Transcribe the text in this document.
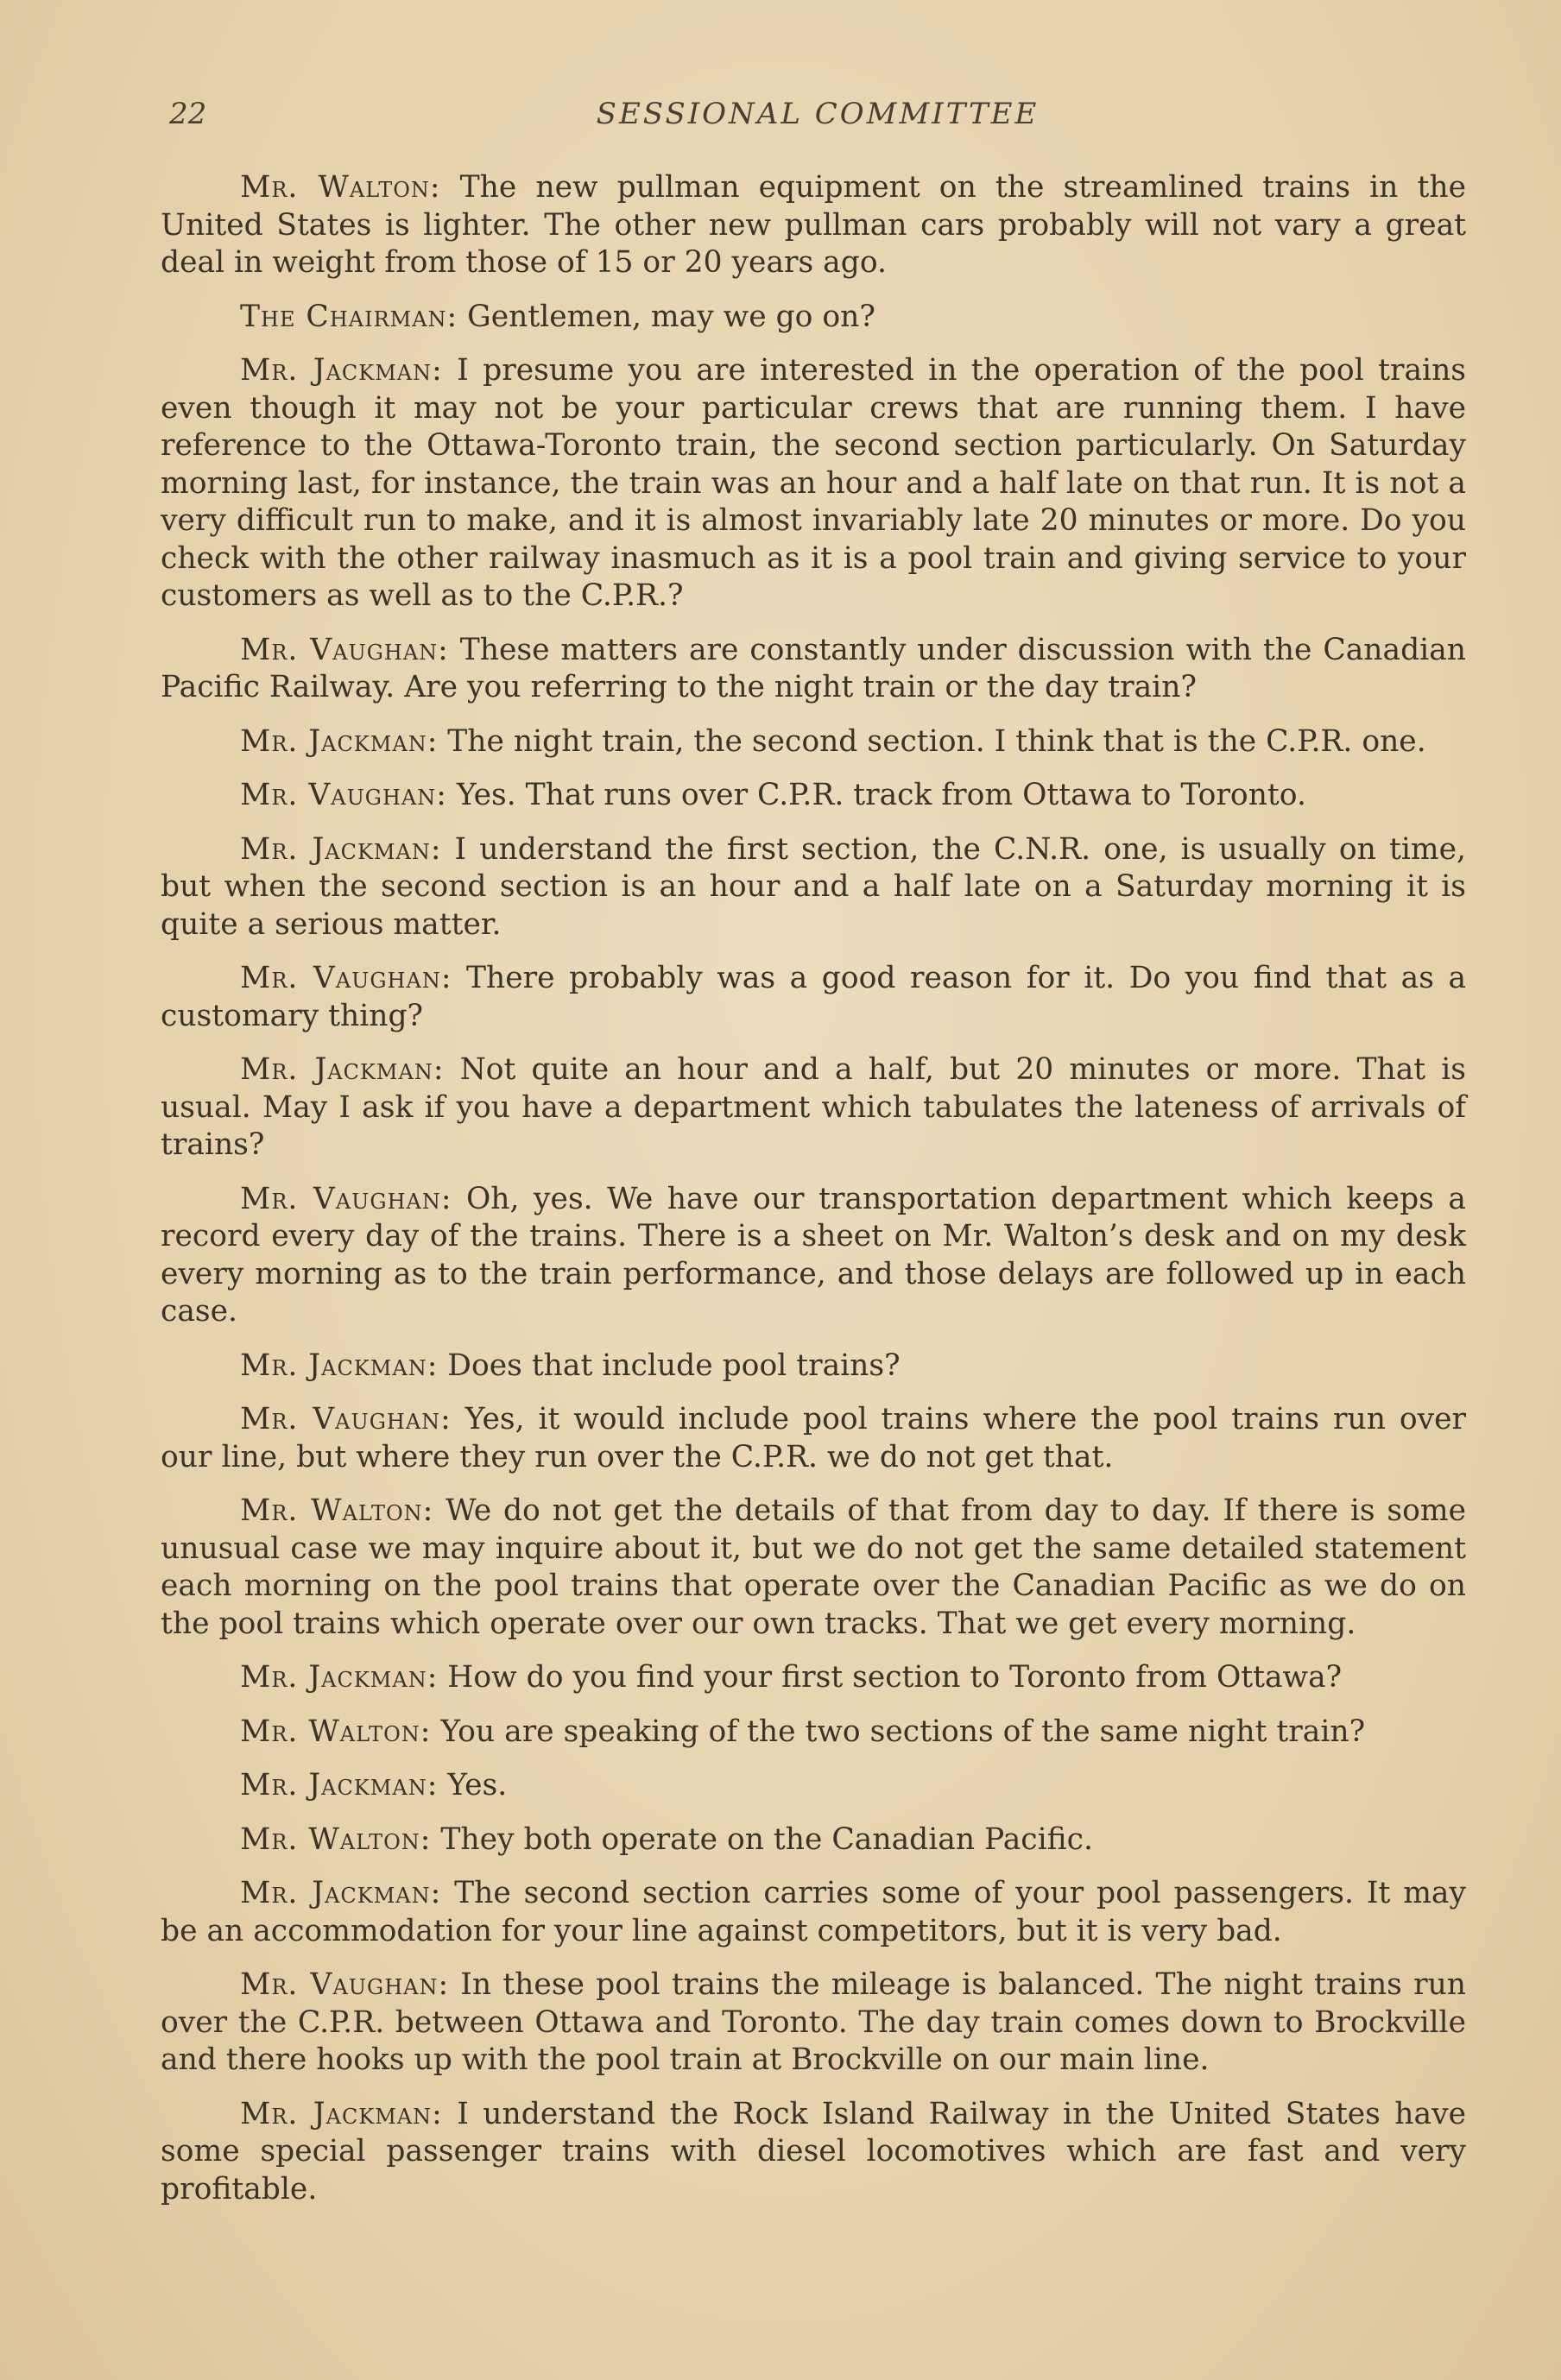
22	SESSIONAL COMMITTEE

Mr. Walton: The new pullman equipment on the streamlined trains in the United States is lighter. The other new pullman cars probably will not vary a great deal in weight from those of 15 or 20 years ago.

The Chairman: Gentlemen, may we go on?

Mr. Jackman: I presume you are interested in the operation of the pool trains even though it may not be your particular crews that are running them. I have reference to the Ottawa-Toronto train, the second section particularly. On Saturday morning last, for instance, the train was an hour and a half late on that run. It is not a very difficult run to make, and it is almost invariably late 20 minutes or more. Do you check with the other railway inasmuch as it is a pool train and giving service to your customers as well as to the C.P.R.?

Mr. Vaughan: These matters are constantly under discussion with the Canadian Pacific Railway. Are you referring to the night train or the day train?

Mr. Jackman: The night train, the second section. I think that is the C.P.R. one.

Mr. Vaughan: Yes. That runs over C.P.R. track from Ottawa to Toronto.

Mr. Jackman: I understand the first section, the C.N.R. one, is usually on time, but when the second section is an hour and a half late on a Saturday morning it is quite a serious matter.

Mr. Vaughan: There probably was a good reason for it. Do you find that as a customary thing?

Mr. Jackman: Not quite an hour and a half, but 20 minutes or more. That is usual. May I ask if you have a department which tabulates the lateness of arrivals of trains?

Mr. Vaughan: Oh, yes. We have our transportation department which keeps a record every day of the trains. There is a sheet on Mr. Walton’s desk and on my desk every morning as to the train performance, and those delays are followed up in each case.

Mr. Jackman: Does that include pool trains?

Mr. Vaughan: Yes, it would include pool trains where the pool trains run over our line, but where they run over the C.P.R. we do not get that.

Mr. Walton: We do not get the details of that from day to day. If there is some unusual case we may inquire about it, but we do not get the same detailed statement each morning on the pool trains that operate over the Canadian Pacific as we do on the pool trains which operate over our own tracks. That we get every morning.

Mr. Jackman: How do you find your first section to Toronto from Ottawa?

Mr. Walton: You are speaking of the two sections of the same night train?

Mr. Jackman: Yes.

Mr. Walton: They both operate on the Canadian Pacific.

Mr. Jackman: The second section carries some of your pool passengers. It may be an accommodation for your line against competitors, but it is very bad.

Mr. Vaughan: In these pool trains the mileage is balanced. The night trains run over the C.P.R. between Ottawa and Toronto. The day train comes down to Brockville and there hooks up with the pool train at Brockville on our main line.

Mr. Jackman: I understand the Rock Island Railway in the United States have some special passenger trains with diesel locomotives which are fast and very profitable.
